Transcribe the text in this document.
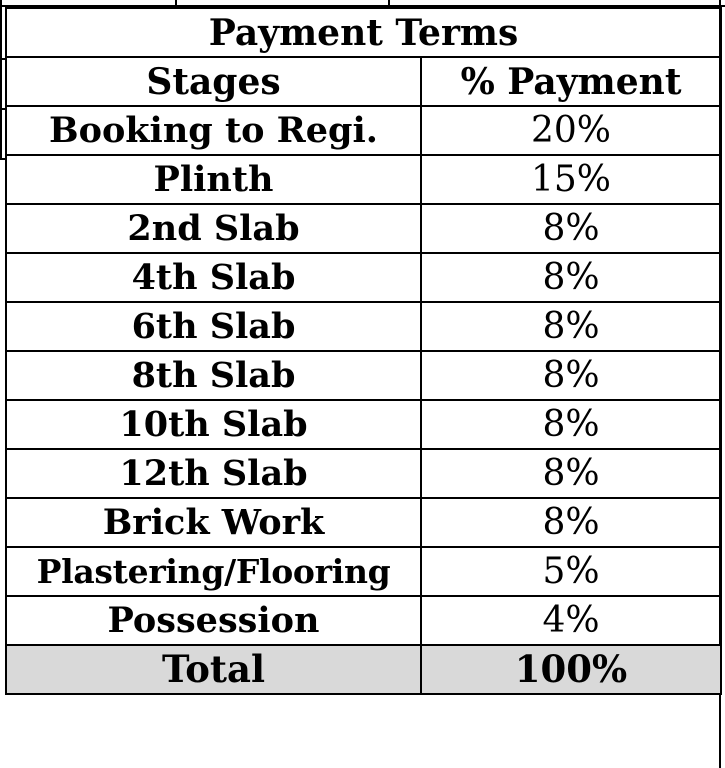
Payment Terms	
Stages	% Payment
Booking to Regi.	20%
Plinth	15%
2nd Slab	8%
4th Slab	8%
6th Slab	8%
8th Slab	8%
10th Slab	8%
12th Slab	8%
Brick Work	8%
Plastering/Flooring	5%
Possession	4%
Total	100%
